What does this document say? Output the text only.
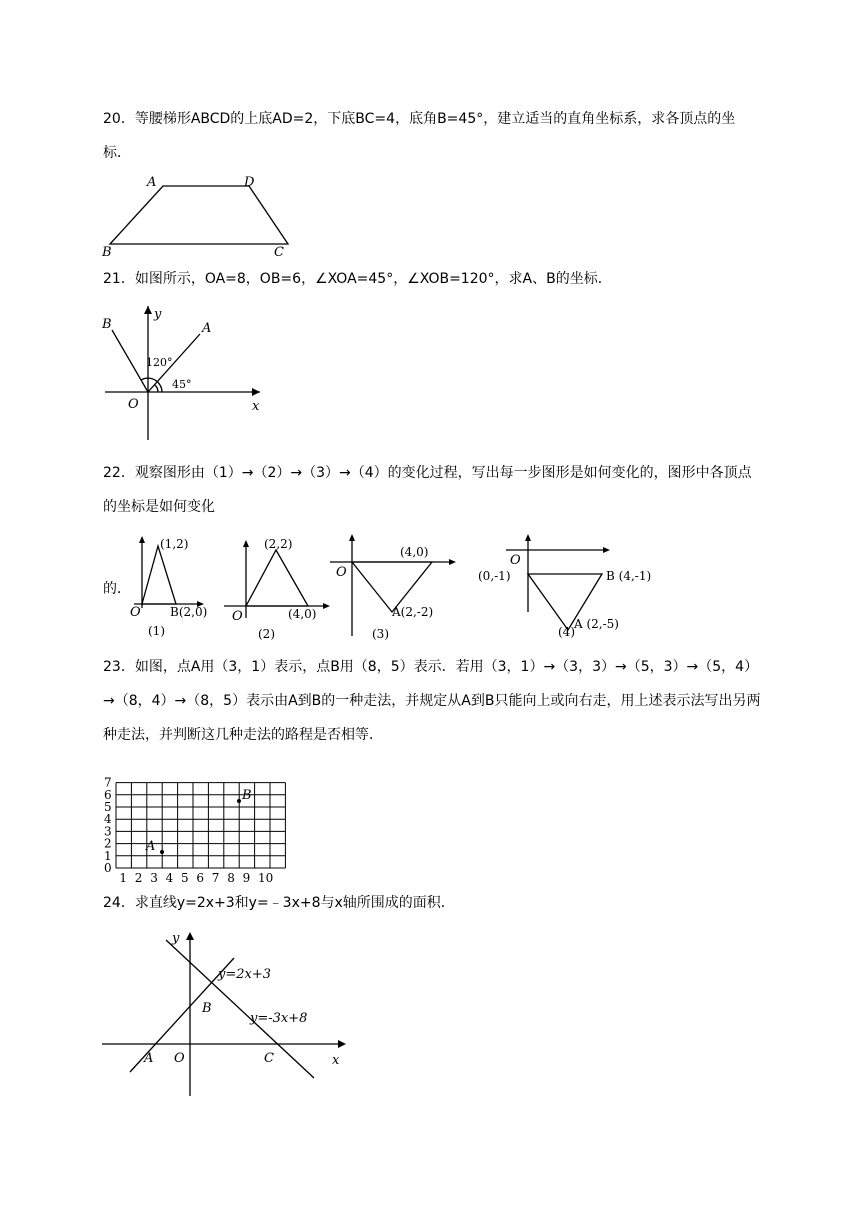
20．等腰梯形ABCD的上底AD=2，下底BC=4，底角B=45°，建立适当的直角坐标系，求各顶点的坐标．

A	D
B	C

21．如图所示，OA=8，OB=6，∠XOA=45°，∠XOB=120°，求A、B的坐标．

y
x
O
A
B
120°
45°

22．观察图形由（1）→（2）→（3）→（4）的变化过程，写出每一步图形是如何变化的，图形中各顶点的坐标是如何变化

的．

(1,2)
O B(2,0)
(1)
(2,2)
O	(4,0)
(2)
O
(4,0)
A(2,-2)
(3)
O
(0,-1)	B (4,-1)
A (2,-5)
(4)

23．如图，点A用（3，1）表示，点B用（8，5）表示．若用（3，1）→（3，3）→（5，3）→（5，4）→（8，4）→（8，5）表示由A到B的一种走法，并规定从A到B只能向上或向右走，用上述表示法写出另两种走法，并判断这几种走法的路程是否相等．

0
1
2
3
4
5
6
7
1 2 3 4 5 6 7 8 9 10
A
B

24．求直线y=2x+3和y=﹣3x+8与x轴所围成的面积．

y
x
O
A
B
C
y=2x+3
y=-3x+8
